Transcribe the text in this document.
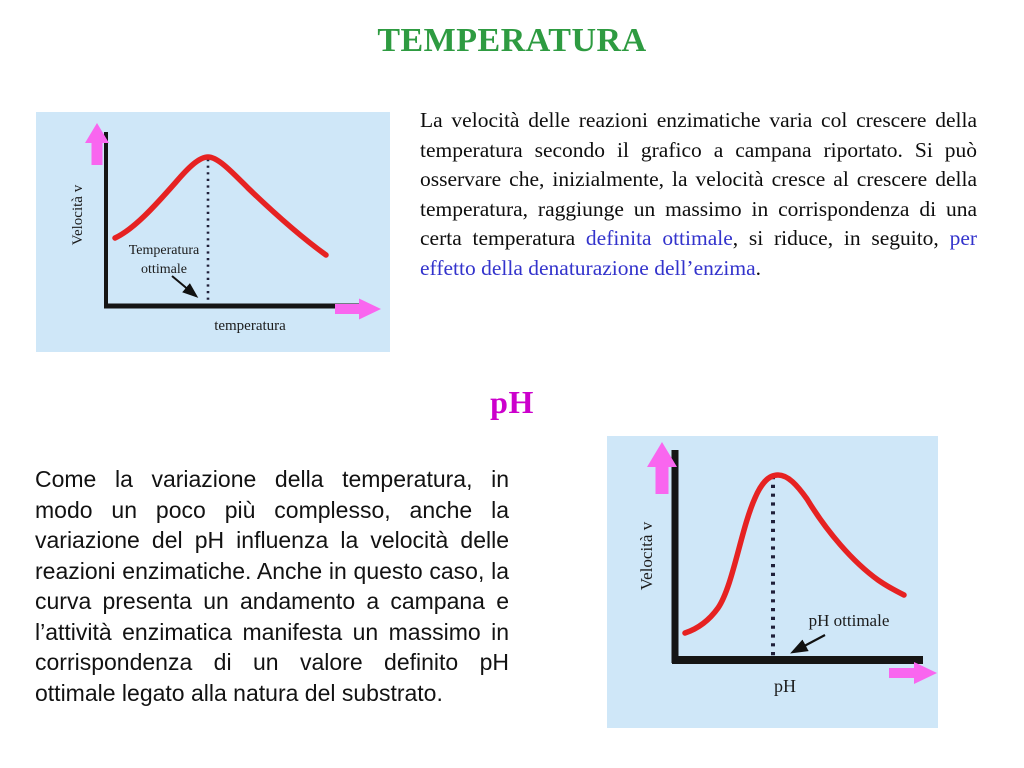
TEMPERATURA
Velocità v
Temperatura
ottimale
temperatura

La velocità delle reazioni enzimatiche varia col crescere della temperatura secondo il grafico a campana riportato. Si può osservare che, inizialmente, la velocità cresce al crescere della temperatura, raggiunge un massimo in corrispondenza di una certa temperatura definita ottimale, si riduce, in seguito, per effetto della denaturazione dell’enzima.

pH

Come la variazione della temperatura, in modo un poco più complesso, anche la variazione del pH influenza la velocità delle reazioni enzimatiche. Anche in questo caso, la curva presenta un andamento a campana e l’attività enzimatica manifesta un massimo in corrispondenza di un valore definito pH ottimale legato alla natura del substrato.

Velocità v
pH ottimale
pH
